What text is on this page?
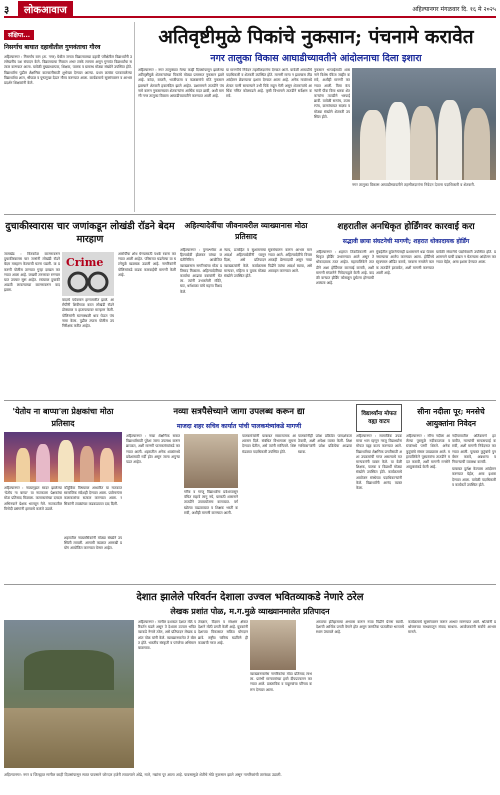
३	लोकआवाज	अहिल्यानगर मंगळवार दि. १६ मे २०२५
संक्षिप्त...
निसर्गाच बाघात दहावीतील गुणवंताचा गौरव

अहिल्यानगर : निसर्गाच बाग (ता. नगर) येथील जनता विद्यालयाच्या दहावी परीक्षेतील विद्यार्थ्यांनी उल्लेखनीय यश संपादन केले. विद्यालयाचा निकाल शंभर टक्के लागला असून गुणवंत विद्यार्थ्यांचा सत्कार करण्यात आला. यावेळी मुख्याध्यापक, शिक्षक, पालक व ग्रामस्थ मोठ्या संख्येने उपस्थित होते. विद्यार्थ्यांना पुढील शैक्षणिक वाटचालीसाठी शुभेच्छा देण्यात आल्या. प्रथम क्रमांक पटकावलेल्या विद्यार्थ्याचा शाल, श्रीफळ व पुष्पगुच्छ देऊन गौरव करण्यात आला. कार्यक्रमाचे सूत्रसंचालन व आभार प्रदर्शन शिक्षकांनी केले.

अतिवृष्टीमुळे पिकांचे नुकसान; पंचनामे करावेत
नगर तालुका विकास आघाडीच्यावतीने आंदोलनाचा दिला इशारा

अहिल्यानगर : नगर तालुक्यात गेल्या काही दिवसांपासून झालेल्या अतिवृष्टीमुळे शेतकऱ्यांच्या पिकांचे मोठ्या प्रमाणात नुकसान झाले आहे. कांदा, बाजरी, भाजीपाला व फळबागांचे मोठे नुकसान झाल्याने शेतकरी हवालदिल झाले आहेत. प्रशासनाने तातडीने पंचनामे करून नुकसानग्रस्त शेतकऱ्यांना आर्थिक मदत द्यावी, अशी मागणी नगर तालुका विकास आघाडीच्यावतीने करण्यात आली आहे.

या मागणीचे निवेदन तहसीलदारांना देण्यात आले. यावेळी आघाडीचे पदाधिकारी व शेतकरी उपस्थित होते. मागणी मान्य न झाल्यास तीव्र आंदोलन छेडण्याचा इशारा देण्यात आला आहे. अनेक गावांमध्ये शेतात पाणी साचल्याने उभी पिके सडून गेली असून शेतकऱ्यांचे आर्थिक गणित कोलमडले आहे. कृषी विभागाने तातडीने सर्वेक्षण करावे.

नुकसान भरपाईसाठी शासनाने विशेष पॅकेज जाहीर करावे, अशीही मागणी करण्यात आली. विमा कंपन्यांनी पीक विमा धारक शेतकऱ्यांना तातडीने भरपाई द्यावी. यावेळी सरपंच, उपसरपंच, ग्रामपंचायत सदस्य व मोठ्या संख्येने शेतकरी उपस्थित होते.

नगर तालुका विकास आघाडीच्यावतीने तहसीलदारांना निवेदन देताना पदाधिकारी व शेतकरी.
दुचाकीस्वारास चार जणांकडून लोखंडी रॉडने बेदम मारहाण

जामखेड : किरकोळ कारणावरून दुचाकीस्वारास चार जणांनी लोखंडी रॉडने बेदम मारहाण केल्याची घटना घडली. या प्रकरणी पोलीस ठाण्यात गुन्हा दाखल करण्यात आला आहे. जखमी तरुणावर रुग्णालयात उपचार सुरू आहेत. रस्त्यावर दुचाकी आडवी लावल्याच्या कारणावरून वाद झाला.

Crime

वादाचे पर्यवसान हाणामारीत झाले. आरोपींनी शिवीगाळ करत लोखंडी रॉडने डोक्यावर व हातापायावर मारहाण केली. पोलिसांनी घटनास्थळी धाव घेऊन पंचनामा केला. पुढील तपास पोलीस उपनिरीक्षक करीत आहेत.

आरोपींचा शोध घेण्यासाठी पथके रवाना करण्यात आली आहेत. परिसरात घडलेल्या या घटनेमुळे खळबळ उडाली आहे. नागरिकांनी पोलिसांकडे कडक कारवाईची मागणी केली आहे.

अहिल्यादेवींचा जीवनावरील व्याख्यानास मोठा प्रतिसाद

अहिल्यानगर : पुण्यश्लोक अहिल्यादेवी होळकर यांच्या जयंतीनिमित्त आयोजित व्याख्यानास नागरिकांचा मोठा प्रतिसाद मिळाला. अहिल्यादेवींच्या कार्याचा आढावा वक्त्यांनी घेतला. त्यांनी उभारलेली मंदिरे, घाट, धर्मशाळा यांचे महत्त्व विशद केले.

न्याय, प्रजाहित व सुशासनाचा आदर्श अहिल्यादेवींनी घालून दिला, असे प्रतिपादन व्याख्यात्यांनी केले. कार्यक्रमास मान्यवर, महिला व युवक मोठ्या संख्येने उपस्थित होते.

सूत्रसंचालन करून आभार मानण्यात आले. अहिल्यादेवींचे विचार आजही प्रेरणादायी असून नव्या पिढीने त्यांचा आदर्श घ्यावा, असे आवाहन करण्यात आले.

शहरातील अनधिकृत होर्डिंगवर कारवाई करा
सद्भावी छाया संघटनेची मागणी; शहरात धोकादायक होर्डिंग

अहिल्यानगर : शहरात ठिकठिकाणी अनधिकृत होर्डिंग उभारण्यात आले असून ते धोकादायक ठरत आहेत. महापालिकेने तातडीने अशा होर्डिंगवर कारवाई करावी, अशी मागणी संघटनेने निवेदनाद्वारे केली आहे. वादळी वाऱ्यात होर्डिंग कोसळून दुर्घटना होण्याची शक्यता आहे.

मुंबईतील दुर्घटनेनंतरही प्रशासनाने धडा घेतला नसल्याचा आरोप करण्यात आला. होर्डिंगचे स्ट्रक्चरल ऑडिट करावे, परवाना नसलेले फलक तातडीने हटवावेत, अशी मागणी करण्यात आली आहे.

यावेळी संघटनेचे पदाधिकारी उपस्थित होते. प्रशासनाने याची दखल न घेतल्यास आंदोलन करण्यात येईल, असा इशारा देण्यात आला.

'येतोय ना बाप्पा'ला प्रेक्षकांचा मोठा प्रतिसाद

अहिल्यानगर : नाट्यगृहात सादर झालेल्या 'येतोय ना बाप्पा' या नाटकाला प्रेक्षकांचा मोठा प्रतिसाद मिळाला. कलाकारांच्या दमदार अभिनयाने प्रेक्षक भारावून गेले. नाटकातील विनोदी प्रसंगांनी हास्याचे कारंजे उडाले.

कौटुंबिक विषयावर आधारित या नाटकात सामाजिक संदेशही देण्यात आला. प्रयोगानंतर कलाकारांचा सत्कार करण्यात आला. रसिकांनी टाळ्यांच्या कडकडाटात दाद दिली.

शहरातील नाट्यरसिकांनी मोठ्या संख्येने उपस्थिती लावली. आगामी काळात आणखी प्रयोग आयोजित करण्यात येणार आहेत.

नव्या सत्रपैसेच्याने जागा उपलब्ध करून द्या
माजदा शहर सचिव कार्यात पांची पालकमंत्र्यांकडे मागणी

अहिल्यानगर : नव्या शैक्षणिक सत्रात विद्यार्थ्यांसाठी पुरेशा जागा उपलब्ध करून द्याव्यात, अशी मागणी पालकमंत्र्यांकडे करण्यात आली. शहरातील अनेक शाळांमध्ये प्रवेशासाठी गर्दी होत असून जागा अपुऱ्या पडत आहेत.

गरीब व गरजू विद्यार्थ्यांना प्रवेशापासून वंचित राहावे लागू नये, यासाठी शासनाने तातडीने उपाययोजना कराव्यात. वर्गखोल्या वाढवाव्यात व शिक्षक भरती करावी, अशीही मागणी करण्यात आली.

पालकमंत्र्यांनी याबाबत सकारात्मक आश्वासन दिले. संबंधित विभागाला सूचना देण्यात येतील, असे त्यांनी सांगितले. शिष्टमंडळात पदाधिकारी उपस्थित होते.

पालकांनीही प्रवेश प्रक्रियेत पारदर्शकता ठेवावी, अशी अपेक्षा व्यक्त केली. शिक्षणाधिकाऱ्यांनी प्रवेश प्रक्रियेचा आढावा घ्यावा.

विद्यार्थ्यांना मोफत वह्या वाटप

अहिल्यानगर : सामाजिक उपक्रमाचा भाग म्हणून गरजू विद्यार्थ्यांना मोफत वह्या वाटप करण्यात आले. विद्यार्थ्यांच्या शैक्षणिक प्रगतीसाठी अशा उपक्रमांची गरज असल्याचे मत मान्यवरांनी व्यक्त केले. या वेळी शिक्षक, पालक व विद्यार्थी मोठ्या संख्येने उपस्थित होते. कार्यक्रमाचे आयोजन संस्थेच्या पदाधिकाऱ्यांनी केले. विद्यार्थ्यांनी आनंद व्यक्त केला.

सीना नदीला पूर; मनसेचे आयुक्तांना निवेदन

अहिल्यानगर : सीना नदीला आलेल्या पुरामुळे नदीकाठच्या वस्त्यांमध्ये पाणी शिरले. अनेक कुटुंबांचे संसार उघड्यावर आले. महापालिकेने पूरग्रस्तांना तातडीने मदत करावी, अशी मागणी मनसेने आयुक्तांकडे केली आहे.

नदीपात्रातील अतिक्रमणे हटवावीत, नाल्यांची साफसफाई करावी, अशी मागणी निवेदनात करण्यात आली. पूरग्रस्त कुटुंबांचे पुनर्वसन करावे, अन्नधान्य व निवाऱ्याची व्यवस्था करावी.

याबाबत दुर्लक्ष केल्यास आंदोलन करण्यात येईल, असा इशारा देण्यात आला. यावेळी पदाधिकारी व कार्यकर्ते उपस्थित होते.

देशात झालेले परिवर्तन देशाला उज्वल भवितव्याकडे नेणारे ठरेल
लेखक प्रशांत पोळ, म.ग.मुळे व्याख्यानमालेत प्रतिपादन

अहिल्यानगर : मागील दशकात देशात मोठे परिवर्तन घडले असून ते देशाला उज्वल भवितव्याकडे नेणारे ठरेल, असे प्रतिपादन लेखक प्रशांत पोळ यांनी केले. व्याख्यानमालेत ते बोलत होते. भारतीय संस्कृती व परंपरेचा अभिमान बाळगावा.

तंत्रज्ञान, विज्ञान व संरक्षण क्षेत्रात देशाने मोठी प्रगती केली आहे. युवकांनी देशाच्या विकासात सक्रिय योगदान द्यावे. राष्ट्रीय चारित्र्य घडविणे ही काळाची गरज आहे.

व्याख्यानमालेस नागरिकांचा मोठा प्रतिसाद लाभला. प्रारंभी मान्यवरांच्या हस्ते दीपप्रज्वलन करण्यात आले. प्रास्ताविक व पाहुण्यांचा परिचय करून देण्यात आला.

आपल्या इतिहासाचा अभ्यास करून नव्या पिढीने प्रेरणा घ्यावी. देशाची आर्थिक प्रगती वेगाने होत असून जागतिक पातळीवर भारताचे स्थान उंचावले आहे.

कार्यक्रमाचे सूत्रसंचालन करून आभार मानण्यात आले. श्रोत्यांनी प्रश्नोत्तराच्या माध्यमातून संवाद साधला. आयोजकांनी सर्वांचे आभार मानले.

अहिल्यानगर: नगर व जिल्ह्यात मागील काही दिवसांपासून सतत पावसाने जोरदार हजेरी लावल्याने ओढे, नाले, नद्यांना पूर आला आहे. पावसामुळे शेतीचे मोठे नुकसान झाले असून नागरिकांची तारांबळ उडाली.
